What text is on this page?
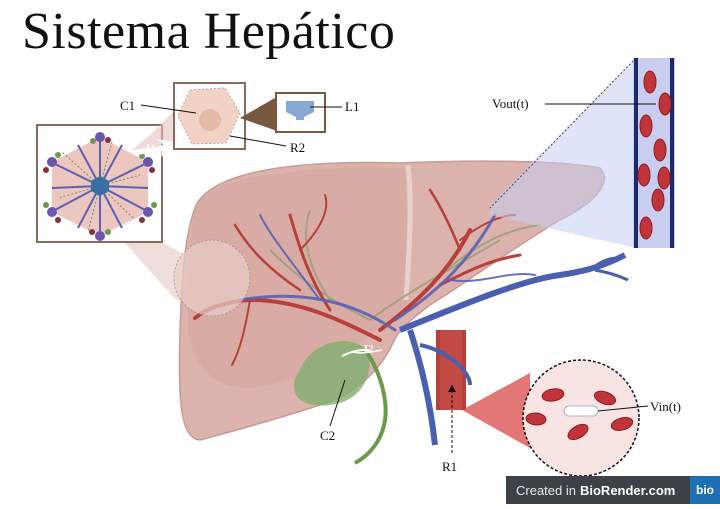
Sistema Hepático
C1	L1
R2
I1
I2
C2
R1
Vout(t)
Vin(t)
Created in BioRender.com	bio
